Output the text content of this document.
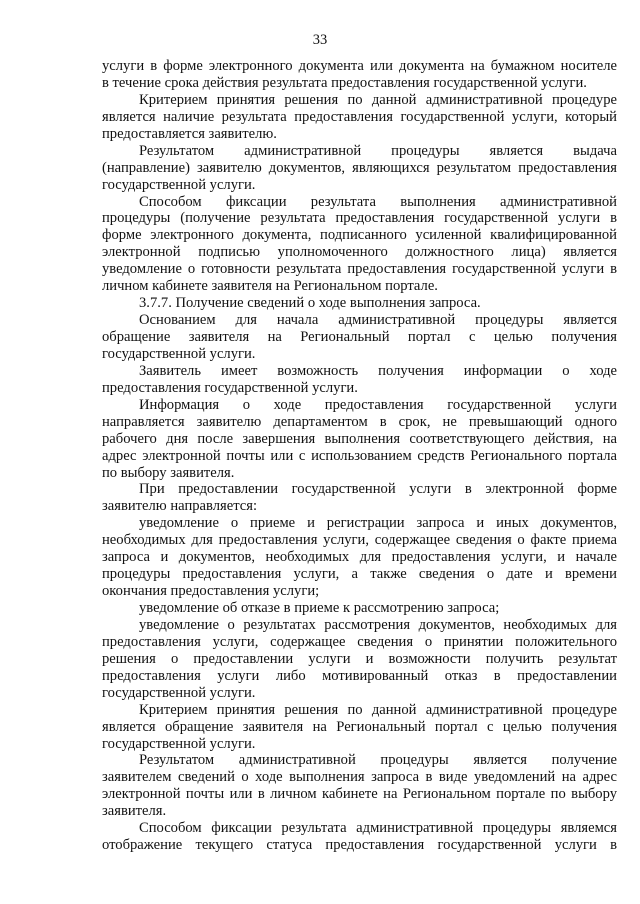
33
услуги в форме электронного документа или документа на бумажном носителе
в течение срока действия результата предоставления государственной услуги.
Критерием принятия решения по данной административной процедуре
является наличие результата предоставления государственной услуги, который
предоставляется заявителю.
Результатом административной процедуры является выдача
(направление) заявителю документов, являющихся результатом предоставления
государственной услуги.
Способом фиксации результата выполнения административной
процедуры (получение результата предоставления государственной услуги в
форме электронного документа, подписанного усиленной квалифицированной
электронной подписью уполномоченного должностного лица) является
уведомление о готовности результата предоставления государственной услуги в
личном кабинете заявителя на Региональном портале.
3.7.7. Получение сведений о ходе выполнения запроса.
Основанием для начала административной процедуры является
обращение заявителя на Региональный портал с целью получения
государственной услуги.
Заявитель имеет возможность получения информации о ходе
предоставления государственной услуги.
Информация о ходе предоставления государственной услуги
направляется заявителю департаментом в срок, не превышающий одного
рабочего дня после завершения выполнения соответствующего действия, на
адрес электронной почты или с использованием средств Регионального портала
по выбору заявителя.
При предоставлении государственной услуги в электронной форме
заявителю направляется:
уведомление о приеме и регистрации запроса и иных документов,
необходимых для предоставления услуги, содержащее сведения о факте приема
запроса и документов, необходимых для предоставления услуги, и начале
процедуры предоставления услуги, а также сведения о дате и времени
окончания предоставления услуги;
уведомление об отказе в приеме к рассмотрению запроса;
уведомление о результатах рассмотрения документов, необходимых для
предоставления услуги, содержащее сведения о принятии положительного
решения о предоставлении услуги и возможности получить результат
предоставления услуги либо мотивированный отказ в предоставлении
государственной услуги.
Критерием принятия решения по данной административной процедуре
является обращение заявителя на Региональный портал с целью получения
государственной услуги.
Результатом административной процедуры является получение
заявителем сведений о ходе выполнения запроса в виде уведомлений на адрес
электронной почты или в личном кабинете на Региональном портале по выбору
заявителя.
Способом фиксации результата административной процедуры являемся
отображение текущего статуса предоставления государственной услуги в
